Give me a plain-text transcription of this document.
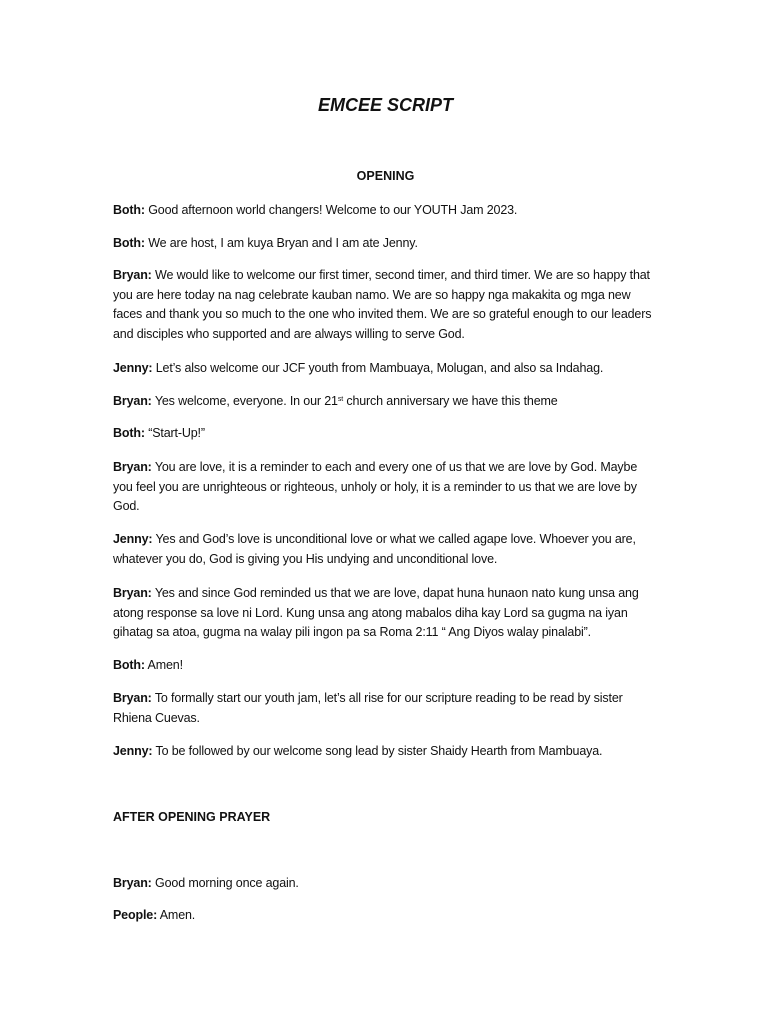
EMCEE SCRIPT
OPENING

Both: Good afternoon world changers! Welcome to our YOUTH Jam 2023.

Both: We are host, I am kuya Bryan and I am ate Jenny.

Bryan: We would like to welcome our first timer, second timer, and third timer. We are so happy that you are here today na nag celebrate kauban namo. We are so happy nga makakita og mga new faces and thank you so much to the one who invited them. We are so grateful enough to our leaders and disciples who supported and are always willing to serve God.

Jenny: Let’s also welcome our JCF youth from Mambuaya, Molugan, and also sa Indahag.

Bryan: Yes welcome, everyone. In our 21st church anniversary we have this theme

Both: “Start-Up!”

Bryan: You are love, it is a reminder to each and every one of us that we are love by God. Maybe you feel you are unrighteous or righteous, unholy or holy, it is a reminder to us that we are love by God.

Jenny: Yes and God’s love is unconditional love or what we called agape love. Whoever you are, whatever you do, God is giving you His undying and unconditional love.

Bryan: Yes and since God reminded us that we are love, dapat huna hunaon nato kung unsa ang atong response sa love ni Lord. Kung unsa ang atong mabalos diha kay Lord sa gugma na iyan gihatag sa atoa, gugma na walay pili ingon pa sa Roma 2:11 “ Ang Diyos walay pinalabi”.

Both: Amen!

Bryan: To formally start our youth jam, let’s all rise for our scripture reading to be read by sister Rhiena Cuevas.

Jenny: To be followed by our welcome song lead by sister Shaidy Hearth from Mambuaya.

AFTER OPENING PRAYER

Bryan: Good morning once again.

People: Amen.
